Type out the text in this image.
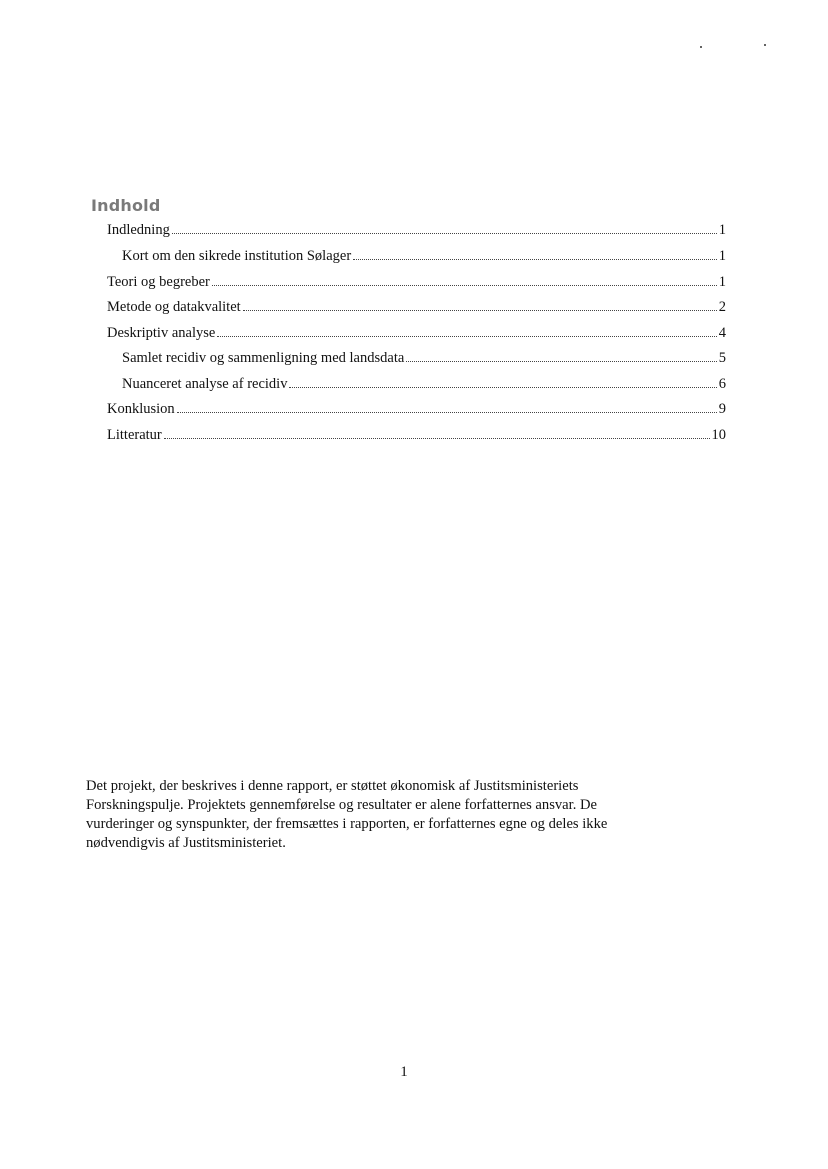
Indhold
Indledning	1
Kort om den sikrede institution Sølager	1
Teori og begreber	1
Metode og datakvalitet	2
Deskriptiv analyse	4
Samlet recidiv og sammenligning med landsdata	5
Nuanceret analyse af recidiv	6
Konklusion	9
Litteratur	10

Det projekt, der beskrives i denne rapport, er støttet økonomisk af Justitsministeriets

Forskningspulje. Projektets gennemførelse og resultater er alene forfatternes ansvar. De

vurderinger og synspunkter, der fremsættes i rapporten, er forfatternes egne og deles ikke

nødvendigvis af Justitsministeriet.

1
